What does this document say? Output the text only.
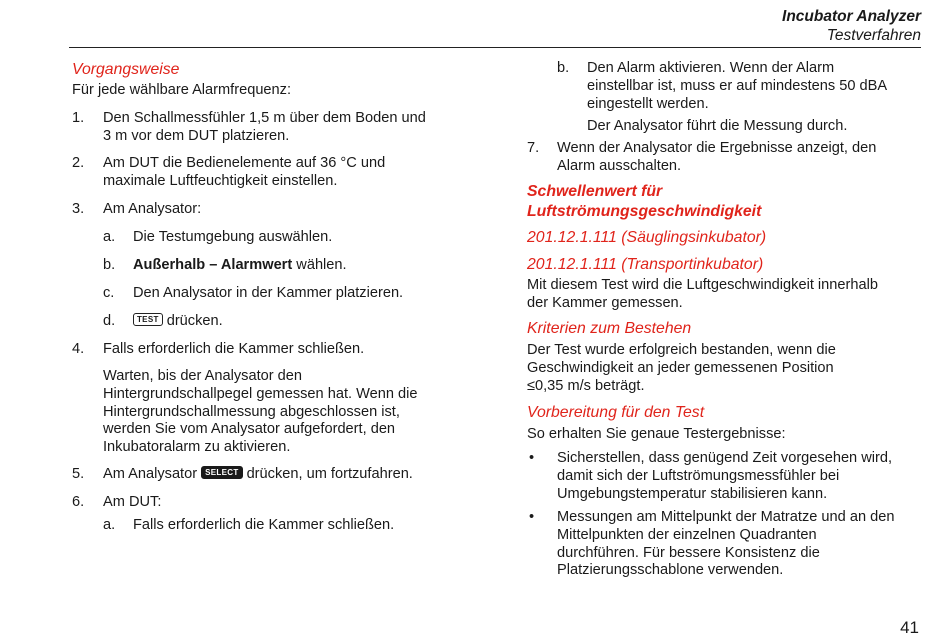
Incubator Analyzer
Testverfahren
Vorgangsweise
Für jede wählbare Alarmfrequenz:
1. Den Schallmessfühler 1,5 m über dem Boden und
3 m vor dem DUT platzieren.
2. Am DUT die Bedienelemente auf 36 °C und
maximale Luftfeuchtigkeit einstellen.
3. Am Analysator:
a. Die Testumgebung auswählen.
b. Außerhalb – Alarmwert wählen.
c. Den Analysator in der Kammer platzieren.
d.	TEST drücken.
4. Falls erforderlich die Kammer schließen.
Warten, bis der Analysator den
Hintergrundschallpegel gemessen hat. Wenn die
Hintergrundschallmessung abgeschlossen ist,
werden Sie vom Analysator aufgefordert, den
Inkubatoralarm zu aktivieren.
5. Am Analysator SELECT drücken, um fortzufahren.
6. Am DUT:
a. Falls erforderlich die Kammer schließen.
b. Den Alarm aktivieren. Wenn der Alarm
einstellbar ist, muss er auf mindestens 50 dBA
eingestellt werden.
Der Analysator führt die Messung durch.
7. Wenn der Analysator die Ergebnisse anzeigt, den
Alarm ausschalten.
Schwellenwert für
Luftströmungsgeschwindigkeit
201.12.1.111 (Säuglingsinkubator)
201.12.1.111 (Transportinkubator)
Mit diesem Test wird die Luftgeschwindigkeit innerhalb
der Kammer gemessen.
Kriterien zum Bestehen
Der Test wurde erfolgreich bestanden, wenn die
Geschwindigkeit an jeder gemessenen Position
≤0,35 m/s beträgt.
Vorbereitung für den Test
So erhalten Sie genaue Testergebnisse:
• Sicherstellen, dass genügend Zeit vorgesehen wird,
damit sich der Luftströmungsmessfühler bei
Umgebungstemperatur stabilisieren kann.
• Messungen am Mittelpunkt der Matratze und an den
Mittelpunkten der einzelnen Quadranten
durchführen. Für bessere Konsistenz die
Platzierungsschablone verwenden.
41
